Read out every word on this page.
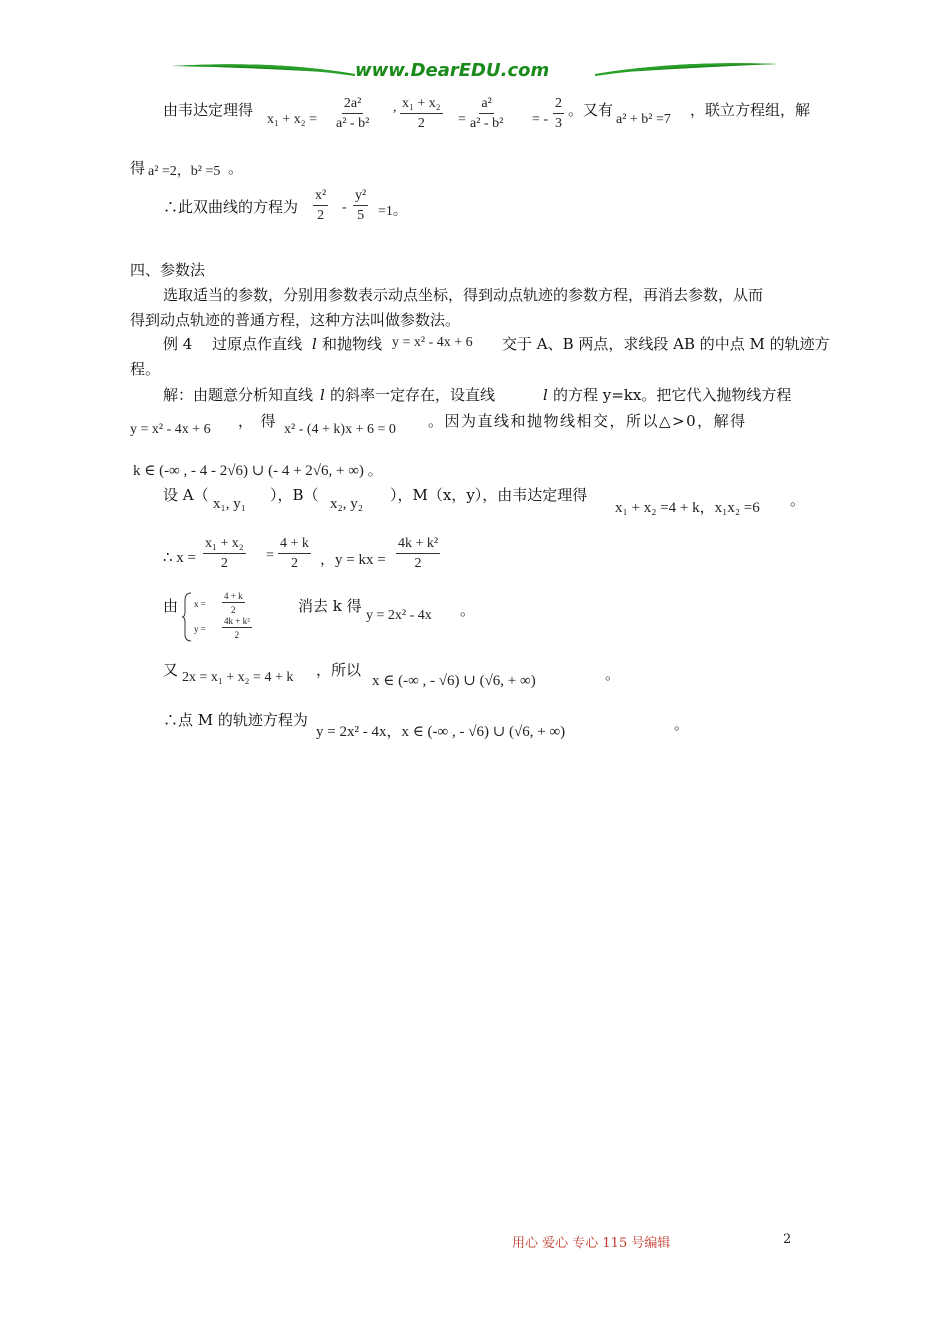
www.DearEDU.com
由韦达定理得
$x_1 + x_2 = \frac{\text{2a²}}{\text{a² - b²}}$ , $\frac{\text{x₁ + x₂}}{2} = \frac{\text{a²}}{\text{a² - b²}}$ = - $\frac{2}{3}$ 。又有
a² + b² =7
，联立方程组，解
得 a² =2，b² =5 。
∴此双曲线的方程为 $\frac{\text{x²}}{2} - \frac{\text{y²}}{5} =1$。
四、参数法
选取适当的参数，分别用参数表示动点坐标，得到动点轨迹的参数方程，再消去参数，从而
得到动点轨迹的普通方程，这种方法叫做参数法。
例 4　 过原点作直线 l 和抛物线 y = x² - 4x + 6 交于 A、B 两点，求线段 AB 的中点 M 的轨迹方
程。
解：由题意分析知直线 l 的斜率一定存在，设直线	l 的方程 y=kx。把它代入抛物线方程
y = x² - 4x + 6 ，　得 x² - (4 + k)x + 6 = 0 。因为直线和抛物线相交，所以△>0，解得
k ∈ (-∞ , - 4 - 2√6) ∪ (- 4 + 2√6, + ∞) 。
设 A（ x₁, y₁ ），B（ x₂, y₂ ），M（x，y），由韦达定理得
x₁ + x₂ =4 + k，x₁x₂ =6 。
∴ $x = \frac{\text{x₁ + x₂}}{2} = \frac{4 + k}{2}$ ，y = kx = $\frac{\text{4k + k²}}{2}$
由 $x = \frac{4 + k}{2}$
$y = \frac{\text{4k + k²}}{2}$
消去 k 得
y = 2x² - 4x 。
又 2x = x₁ + x₂ = 4 + k ，所以
x ∈ (-∞ , - √6) ∪ (√6, + ∞)	。
∴点 M 的轨迹方程为
y = 2x² - 4x，x ∈ (-∞ , - √6) ∪ (√6, + ∞)	。
用心 爱心 专心 115 号编辑	2
